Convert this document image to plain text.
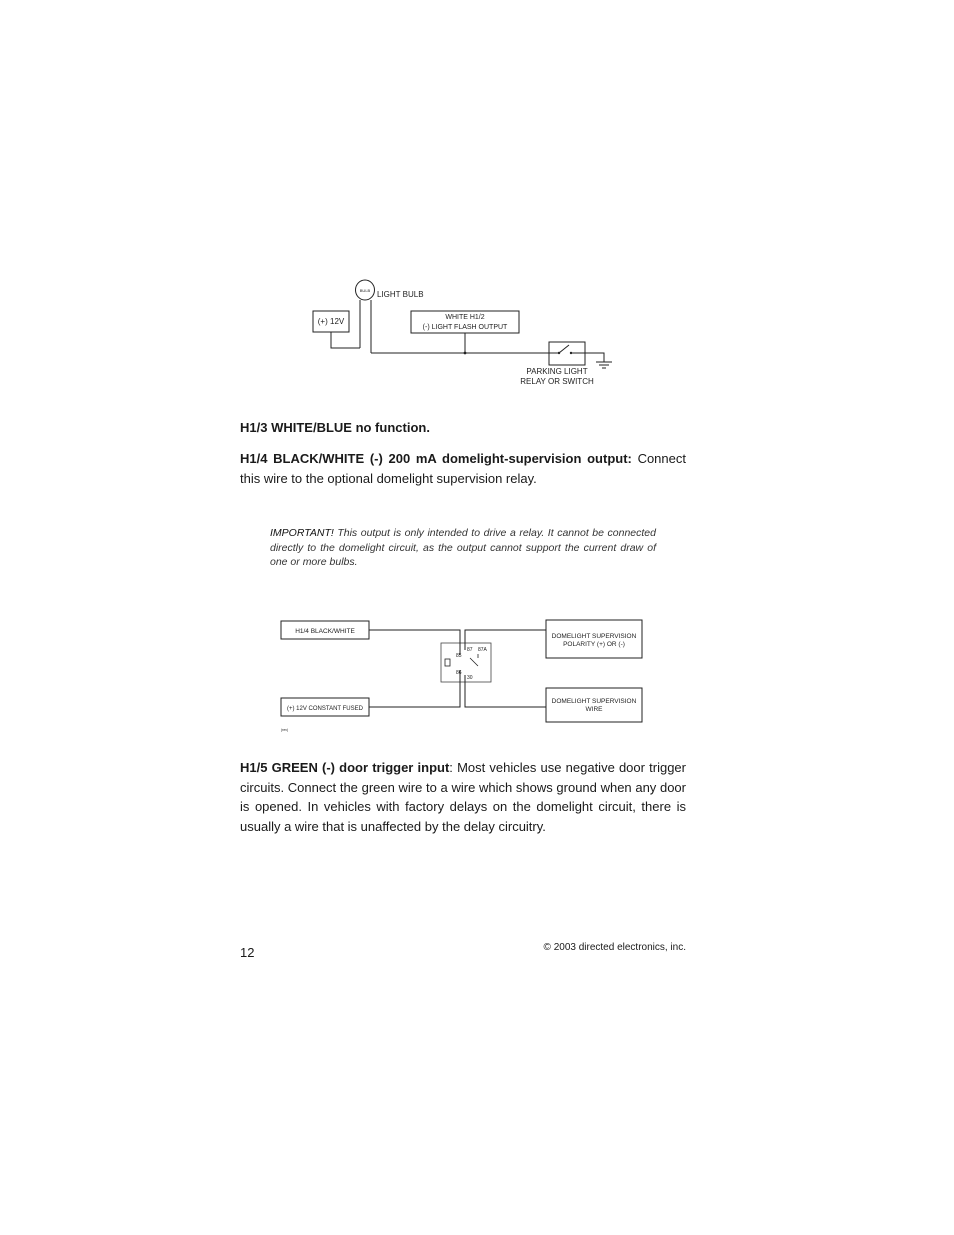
BULB LIGHT BULB
(+) 12V	WHITE H1/2
(-) LIGHT FLASH OUTPUT
PARKING LIGHT
RELAY OR SWITCH

H1/3 WHITE/BLUE no function.

H1/4 BLACK/WHITE (-) 200 mA domelight-supervision output: Connect this wire to the optional domelight supervision relay.

IMPORTANT! This output is only intended to drive a relay. It cannot be connected directly to the domelight circuit, as the output cannot support the current draw of one or more bulbs.

H1/4 BLACK/WHITE
(+) 12V CONSTANT FUSED
(rev)
DOMELIGHT SUPERVISION
POLARITY (+) OR (-)
DOMELIGHT SUPERVISION
WIRE
87 87A
85
86
30

H1/5 GREEN (-) door trigger input: Most vehicles use negative door trigger circuits. Connect the green wire to a wire which shows ground when any door is opened. In vehicles with factory delays on the domelight circuit, there is usually a wire that is unaffected by the delay circuitry.

12	© 2003 directed electronics, inc.
